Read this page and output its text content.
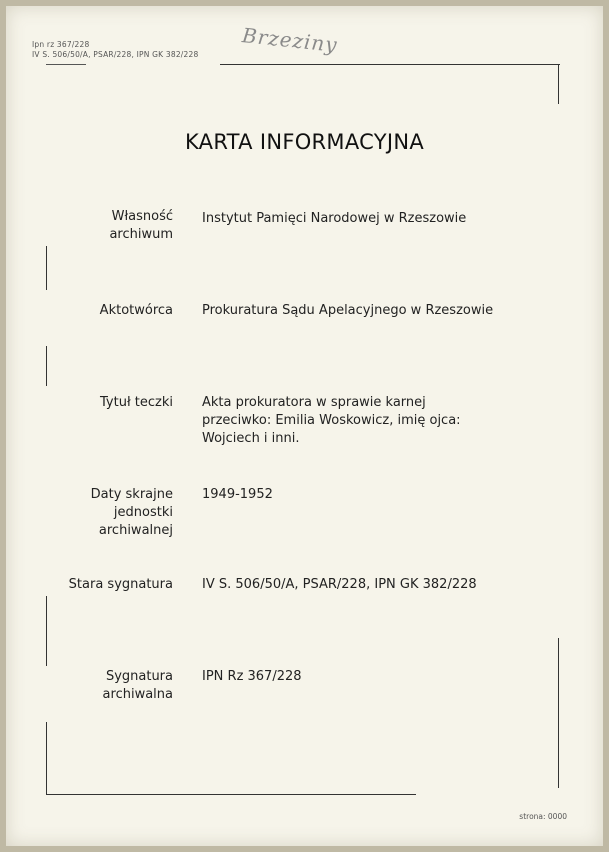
Ipn rz 367/228
IV S. 506/50/A, PSAR/228, IPN GK 382/228 Brzeziny
KARTA INFORMACYJNA
Własność
archiwum
Instytut Pamięci Narodowej w Rzeszowie
Aktotwórca Prokuratura Sądu Apelacyjnego w Rzeszowie
Tytuł teczki Akta prokuratora w sprawie karnej
przeciwko: Emilia Woskowicz, imię ojca:
Wojciech i inni.
Daty skrajne
jednostki
archiwalnej
1949-1952
Stara sygnatura IV S. 506/50/A, PSAR/228, IPN GK 382/228
Sygnatura
archiwalna
IPN Rz 367/228
strona: 0000
